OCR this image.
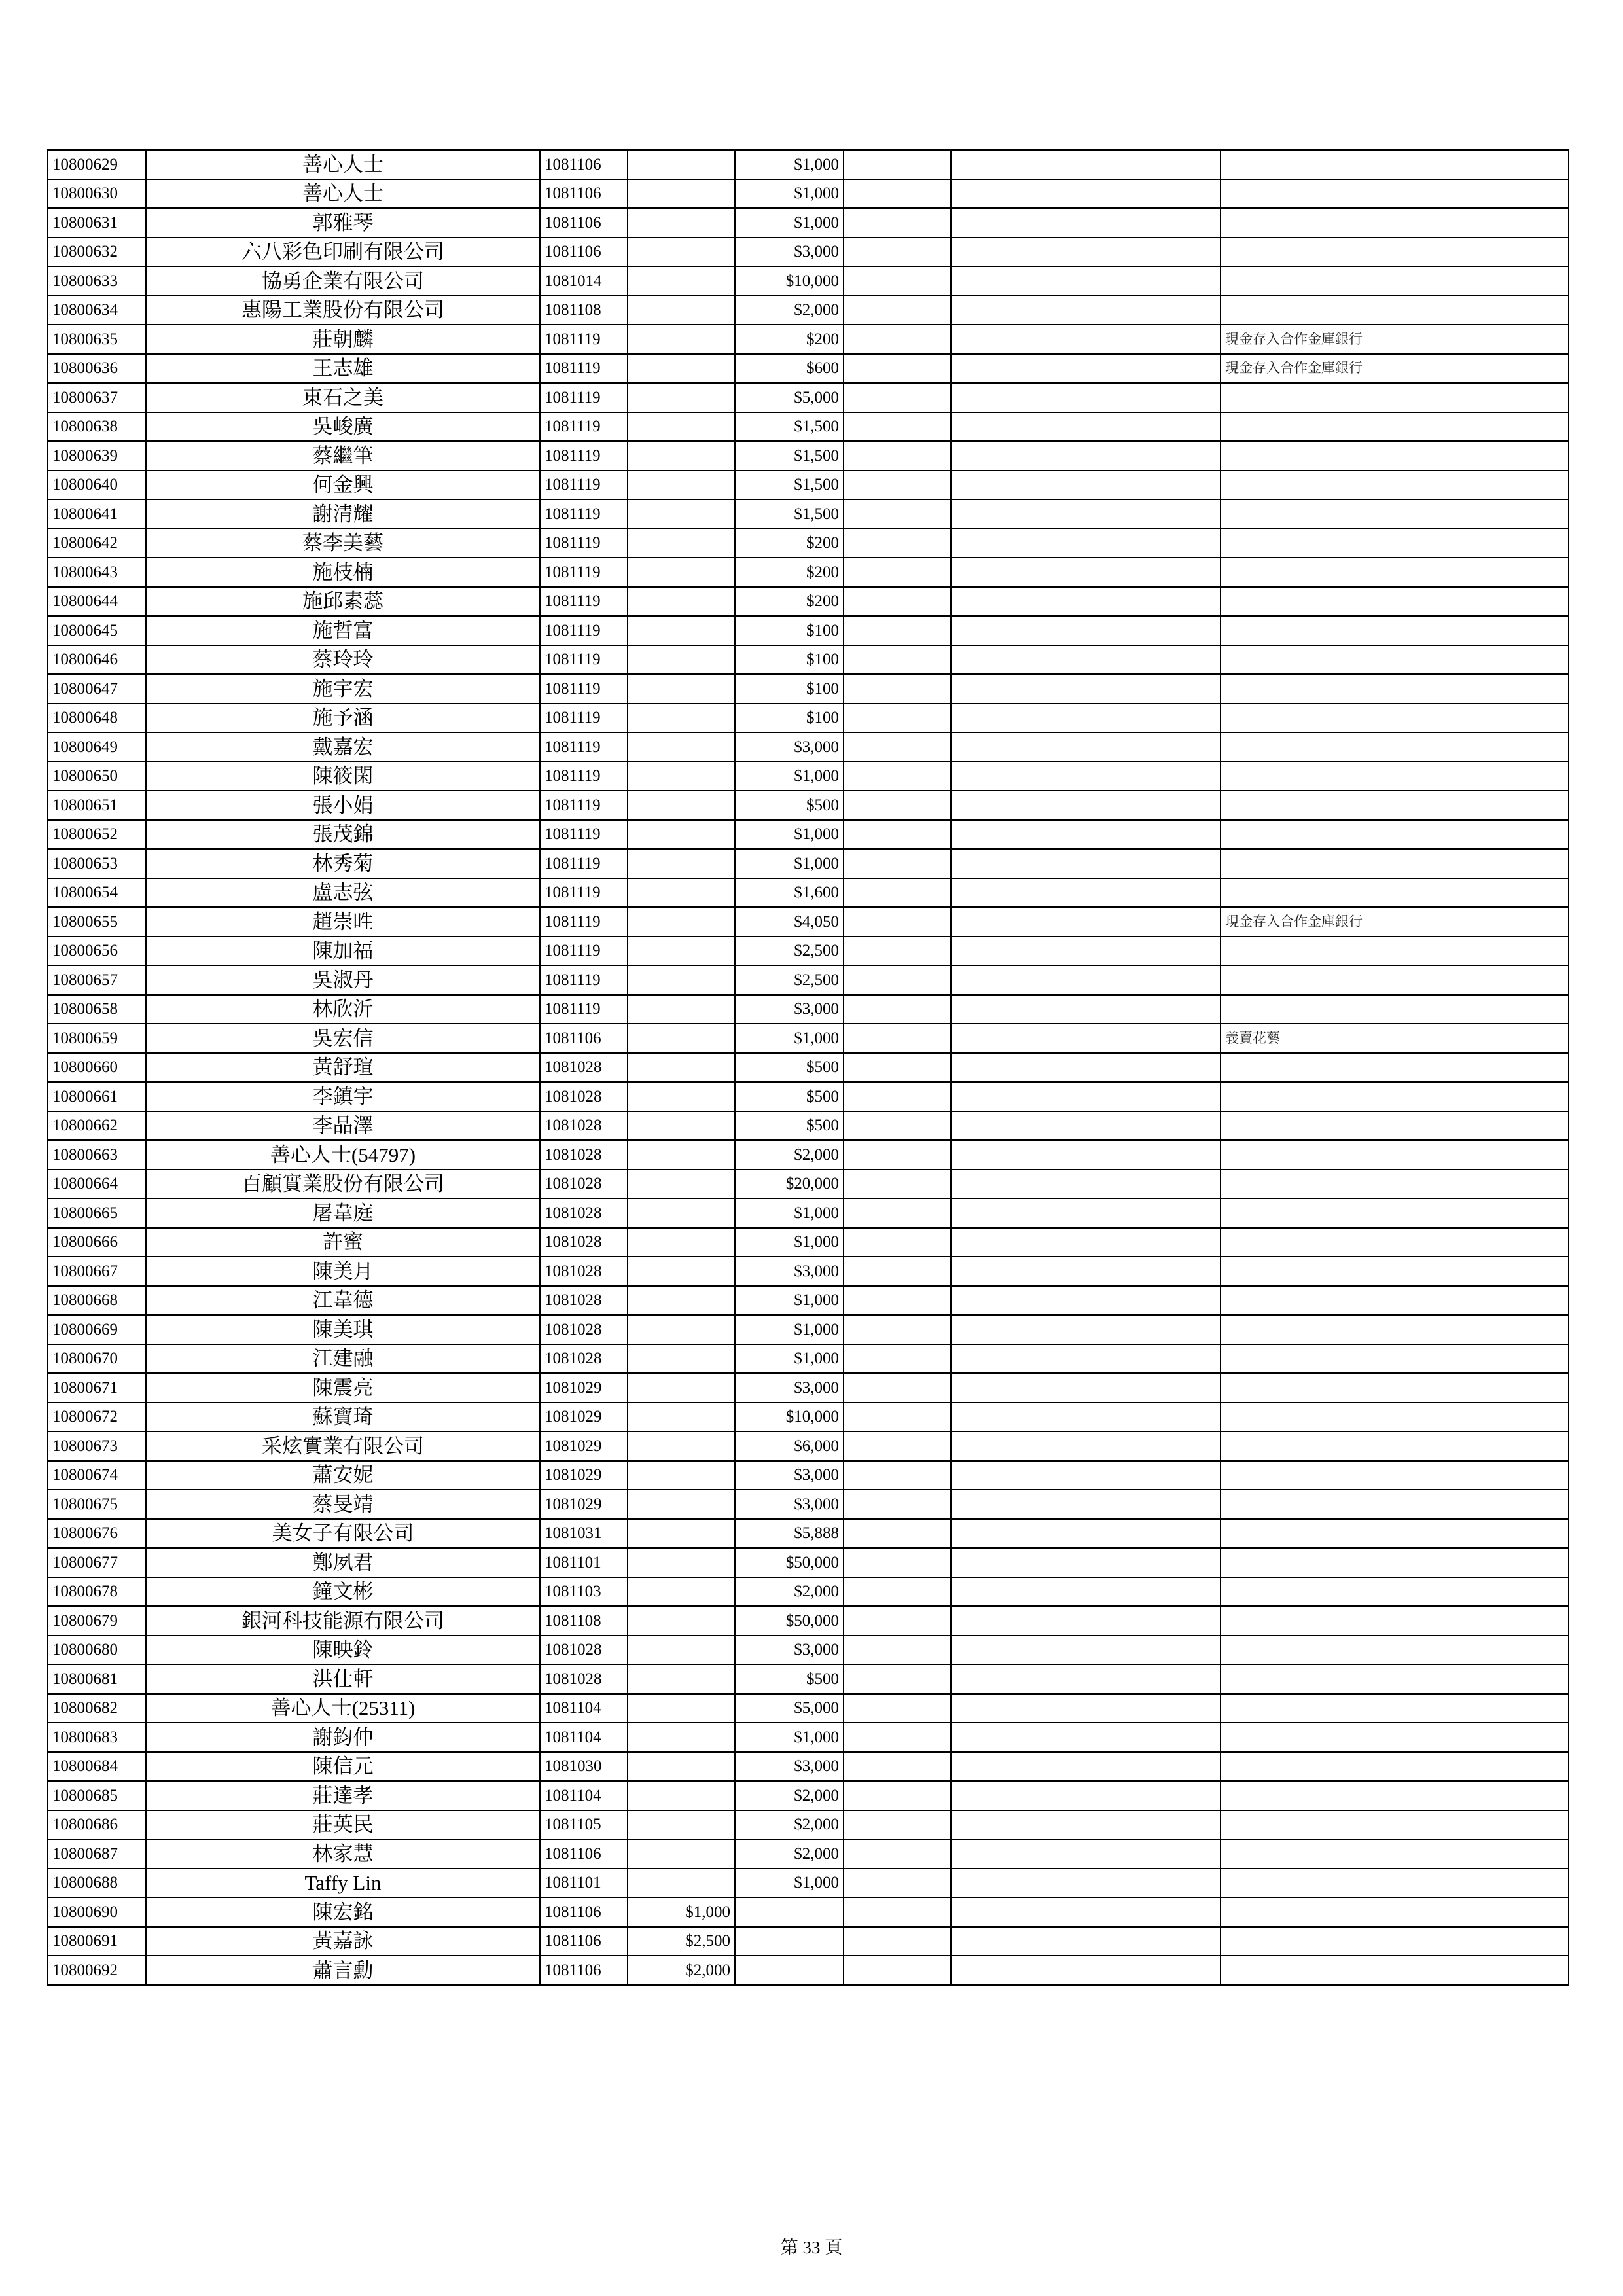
10800629	善心人士	1081106		$1,000			
10800630	善心人士	1081106		$1,000			
10800631	郭雅琴	1081106		$1,000			
10800632	六八彩色印刷有限公司	1081106		$3,000			
10800633	協勇企業有限公司	1081014		$10,000			
10800634	惠陽工業股份有限公司	1081108		$2,000			
10800635	莊朝麟	1081119		$200			現金存入合作金庫銀行
10800636	王志雄	1081119		$600			現金存入合作金庫銀行
10800637	東石之美	1081119		$5,000			
10800638	吳峻廣	1081119		$1,500			
10800639	蔡繼筆	1081119		$1,500			
10800640	何金興	1081119		$1,500			
10800641	謝清耀	1081119		$1,500			
10800642	蔡李美藝	1081119		$200			
10800643	施枝楠	1081119		$200			
10800644	施邱素蕊	1081119		$200			
10800645	施哲富	1081119		$100			
10800646	蔡玲玲	1081119		$100			
10800647	施宇宏	1081119		$100			
10800648	施予涵	1081119		$100			
10800649	戴嘉宏	1081119		$3,000			
10800650	陳筱閑	1081119		$1,000			
10800651	張小娟	1081119		$500			
10800652	張茂錦	1081119		$1,000			
10800653	林秀菊	1081119		$1,000			
10800654	盧志弦	1081119		$1,600			
10800655	趙崇甠	1081119		$4,050			現金存入合作金庫銀行
10800656	陳加福	1081119		$2,500			
10800657	吳淑丹	1081119		$2,500			
10800658	林欣沂	1081119		$3,000			
10800659	吳宏信	1081106		$1,000			義賣花藝
10800660	黃舒瑄	1081028		$500			
10800661	李鎮宇	1081028		$500			
10800662	李品澤	1081028		$500			
10800663	善心人士(54797)	1081028		$2,000			
10800664	百顧實業股份有限公司	1081028		$20,000			
10800665	屠韋庭	1081028		$1,000			
10800666	許蜜	1081028		$1,000			
10800667	陳美月	1081028		$3,000			
10800668	江韋德	1081028		$1,000			
10800669	陳美琪	1081028		$1,000			
10800670	江建融	1081028		$1,000			
10800671	陳震亮	1081029		$3,000			
10800672	蘇寶琦	1081029		$10,000			
10800673	采炫實業有限公司	1081029		$6,000			
10800674	蕭安妮	1081029		$3,000			
10800675	蔡旻靖	1081029		$3,000			
10800676	美女子有限公司	1081031		$5,888			
10800677	鄭夙君	1081101		$50,000			
10800678	鐘文彬	1081103		$2,000			
10800679	銀河科技能源有限公司	1081108		$50,000			
10800680	陳映鈴	1081028		$3,000			
10800681	洪仕軒	1081028		$500			
10800682	善心人士(25311)	1081104		$5,000			
10800683	謝鈞仲	1081104		$1,000			
10800684	陳信元	1081030		$3,000			
10800685	莊達孝	1081104		$2,000			
10800686	莊英民	1081105		$2,000			
10800687	林家慧	1081106		$2,000			
10800688	Taffy Lin	1081101		$1,000			
10800690	陳宏銘	1081106	$1,000				
10800691	黃嘉詠	1081106	$2,500				
10800692	蕭言勳	1081106	$2,000				
第 33 頁
